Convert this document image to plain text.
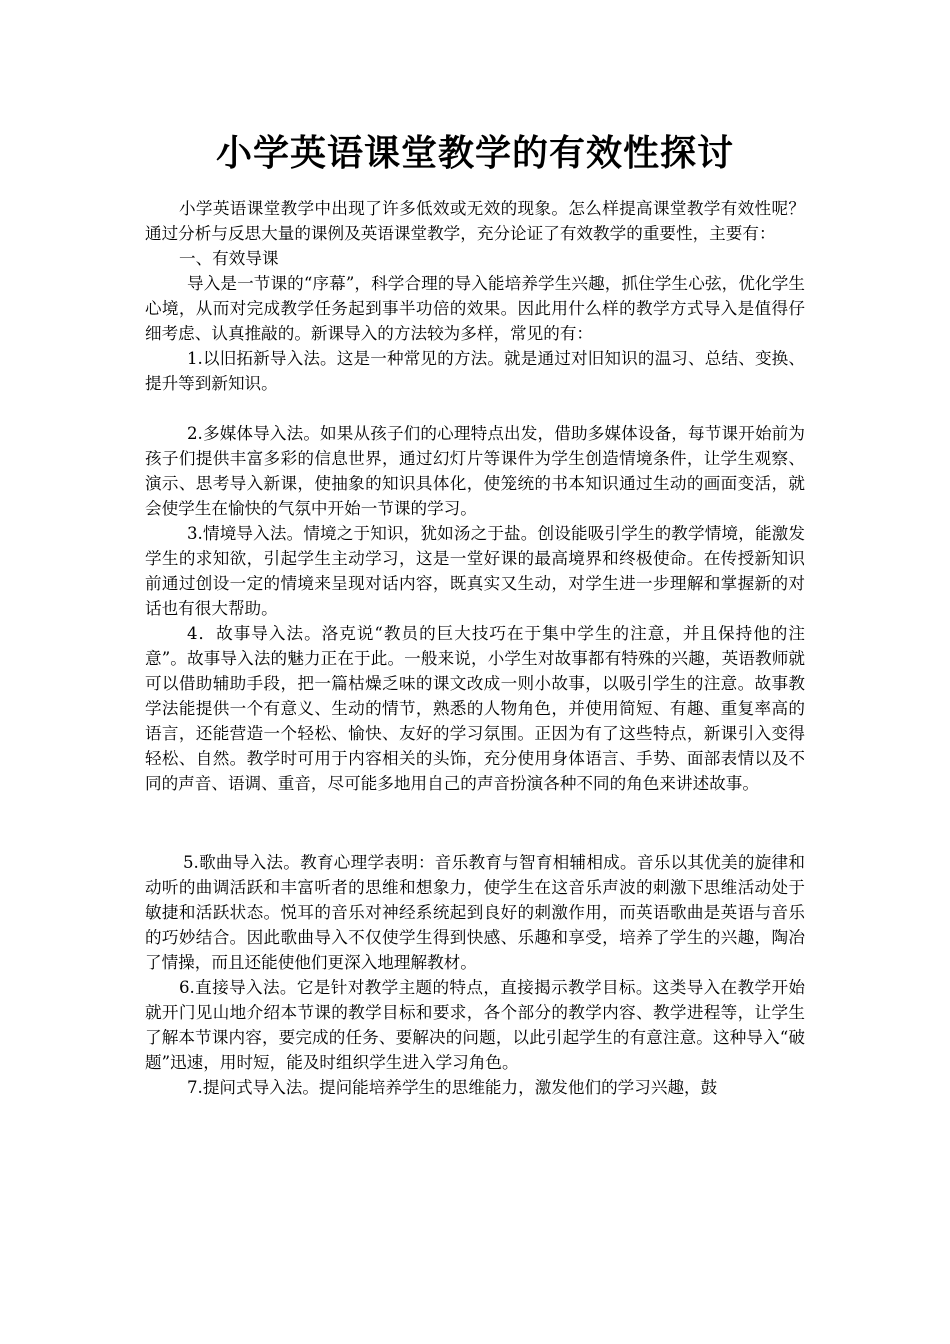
小学英语课堂教学的有效性探讨

小学英语课堂教学中出现了许多低效或无效的现象。怎么样提高课堂教学有效性呢？通过分析与反思大量的课例及英语课堂教学，充分论证了有效教学的重要性，主要有：

一、有效导课

导入是一节课的“序幕”，科学合理的导入能培养学生兴趣，抓住学生心弦，优化学生心境，从而对完成教学任务起到事半功倍的效果。因此用什么样的教学方式导入是值得仔细考虑、认真推敲的。新课导入的方法较为多样，常见的有：

1.以旧拓新导入法。这是一种常见的方法。就是通过对旧知识的温习、总结、变换、提升等到新知识。

2.多媒体导入法。如果从孩子们的心理特点出发，借助多媒体设备，每节课开始前为孩子们提供丰富多彩的信息世界，通过幻灯片等课件为学生创造情境条件，让学生观察、演示、思考导入新课，使抽象的知识具体化，使笼统的书本知识通过生动的画面变活，就会使学生在愉快的气氛中开始一节课的学习。

3.情境导入法。情境之于知识，犹如汤之于盐。创设能吸引学生的教学情境，能激发学生的求知欲，引起学生主动学习，这是一堂好课的最高境界和终极使命。在传授新知识前通过创设一定的情境来呈现对话内容，既真实又生动，对学生进一步理解和掌握新的对话也有很大帮助。

4．故事导入法。洛克说“教员的巨大技巧在于集中学生的注意，并且保持他的注意”。故事导入法的魅力正在于此。一般来说，小学生对故事都有特殊的兴趣，英语教师就可以借助辅助手段，把一篇枯燥乏味的课文改成一则小故事，以吸引学生的注意。故事教学法能提供一个有意义、生动的情节，熟悉的人物角色，并使用简短、有趣、重复率高的语言，还能营造一个轻松、愉快、友好的学习氛围。正因为有了这些特点，新课引入变得轻松、自然。教学时可用于内容相关的头饰，充分使用身体语言、手势、面部表情以及不同的声音、语调、重音，尽可能多地用自己的声音扮演各种不同的角色来讲述故事。

5.歌曲导入法。教育心理学表明：音乐教育与智育相辅相成。音乐以其优美的旋律和动听的曲调活跃和丰富听者的思维和想象力，使学生在这音乐声波的刺激下思维活动处于敏捷和活跃状态。悦耳的音乐对神经系统起到良好的刺激作用，而英语歌曲是英语与音乐的巧妙结合。因此歌曲导入不仅使学生得到快感、乐趣和享受，培养了学生的兴趣，陶冶了情操，而且还能使他们更深入地理解教材。

6.直接导入法。它是针对教学主题的特点，直接揭示教学目标。这类导入在教学开始就开门见山地介绍本节课的教学目标和要求，各个部分的教学内容、教学进程等，让学生了解本节课内容，要完成的任务、要解决的问题，以此引起学生的有意注意。这种导入“破题”迅速，用时短，能及时组织学生进入学习角色。

7.提问式导入法。提问能培养学生的思维能力，激发他们的学习兴趣，鼓
